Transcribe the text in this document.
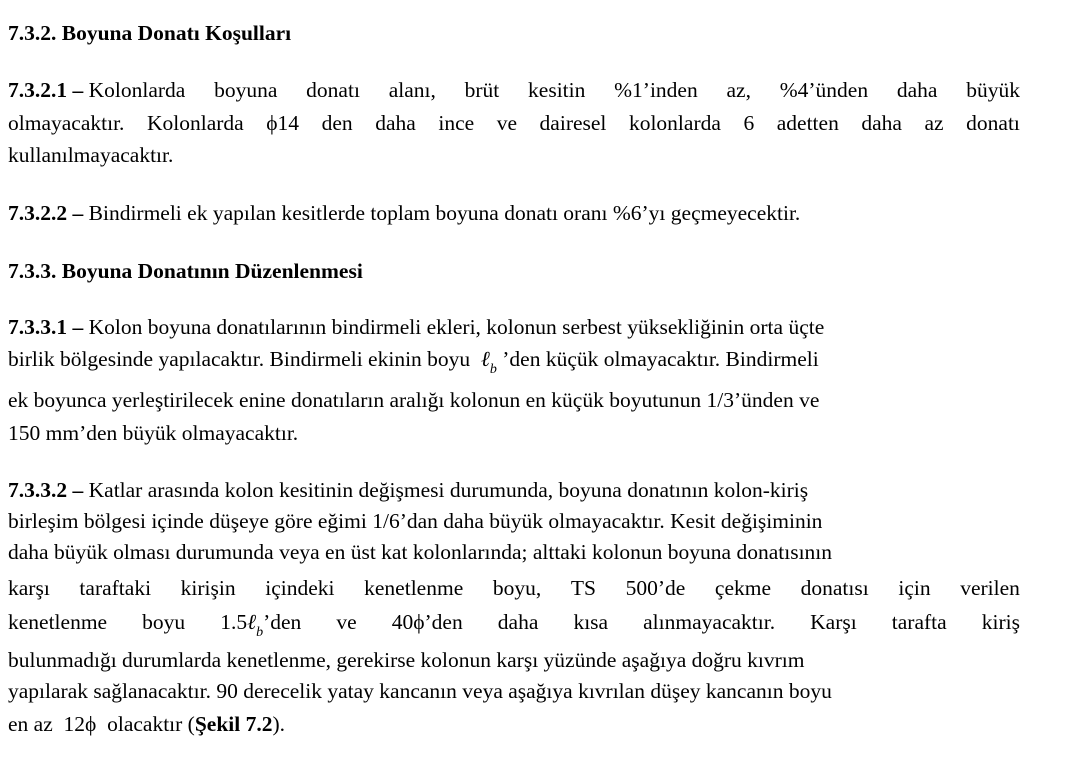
7.3.2. Boyuna Donatı Koşulları
7.3.2.1 – Kolonlarda boyuna donatı alanı, brüt kesitin %1’inden az, %4’ünden daha büyük
olmayacaktır. Kolonlarda ϕ14 den daha ince ve dairesel kolonlarda 6 adetten daha az donatı
kullanılmayacaktır.
7.3.2.2 – Bindirmeli ek yapılan kesitlerde toplam boyuna donatı oranı %6’yı geçmeyecektir.
7.3.3. Boyuna Donatının Düzenlenmesi
7.3.3.1 – Kolon boyuna donatılarının bindirmeli ekleri, kolonun serbest yüksekliğinin orta üçte
birlik bölgesinde yapılacaktır. Bindirmeli ekinin boyu ℓ$_b$ ’den küçük olmayacaktır. Bindirmeli
ek boyunca yerleştirilecek enine donatıların aralığı kolonun en küçük boyutunun 1/3’ünden ve
150 mm’den büyük olmayacaktır.
7.3.3.2 – Katlar arasında kolon kesitinin değişmesi durumunda, boyuna donatının kolon-kiriş
birleşim bölgesi içinde düşeye göre eğimi 1/6’dan daha büyük olmayacaktır. Kesit değişiminin
daha büyük olması durumunda veya en üst kat kolonlarında; alttaki kolonun boyuna donatısının
karşı taraftaki kirişin içindeki kenetlenme boyu, TS 500’de çekme donatısı için verilen
kenetlenme boyu 1.5ℓ$_b$’den ve 40ϕ’den daha kısa alınmayacaktır. Karşı tarafta kiriş
bulunmadığı durumlarda kenetlenme, gerekirse kolonun karşı yüzünde aşağıya doğru kıvrım
yapılarak sağlanacaktır. 90 derecelik yatay kancanın veya aşağıya kıvrılan düşey kancanın boyu
en az 12ϕ olacaktır (Şekil 7.2).
